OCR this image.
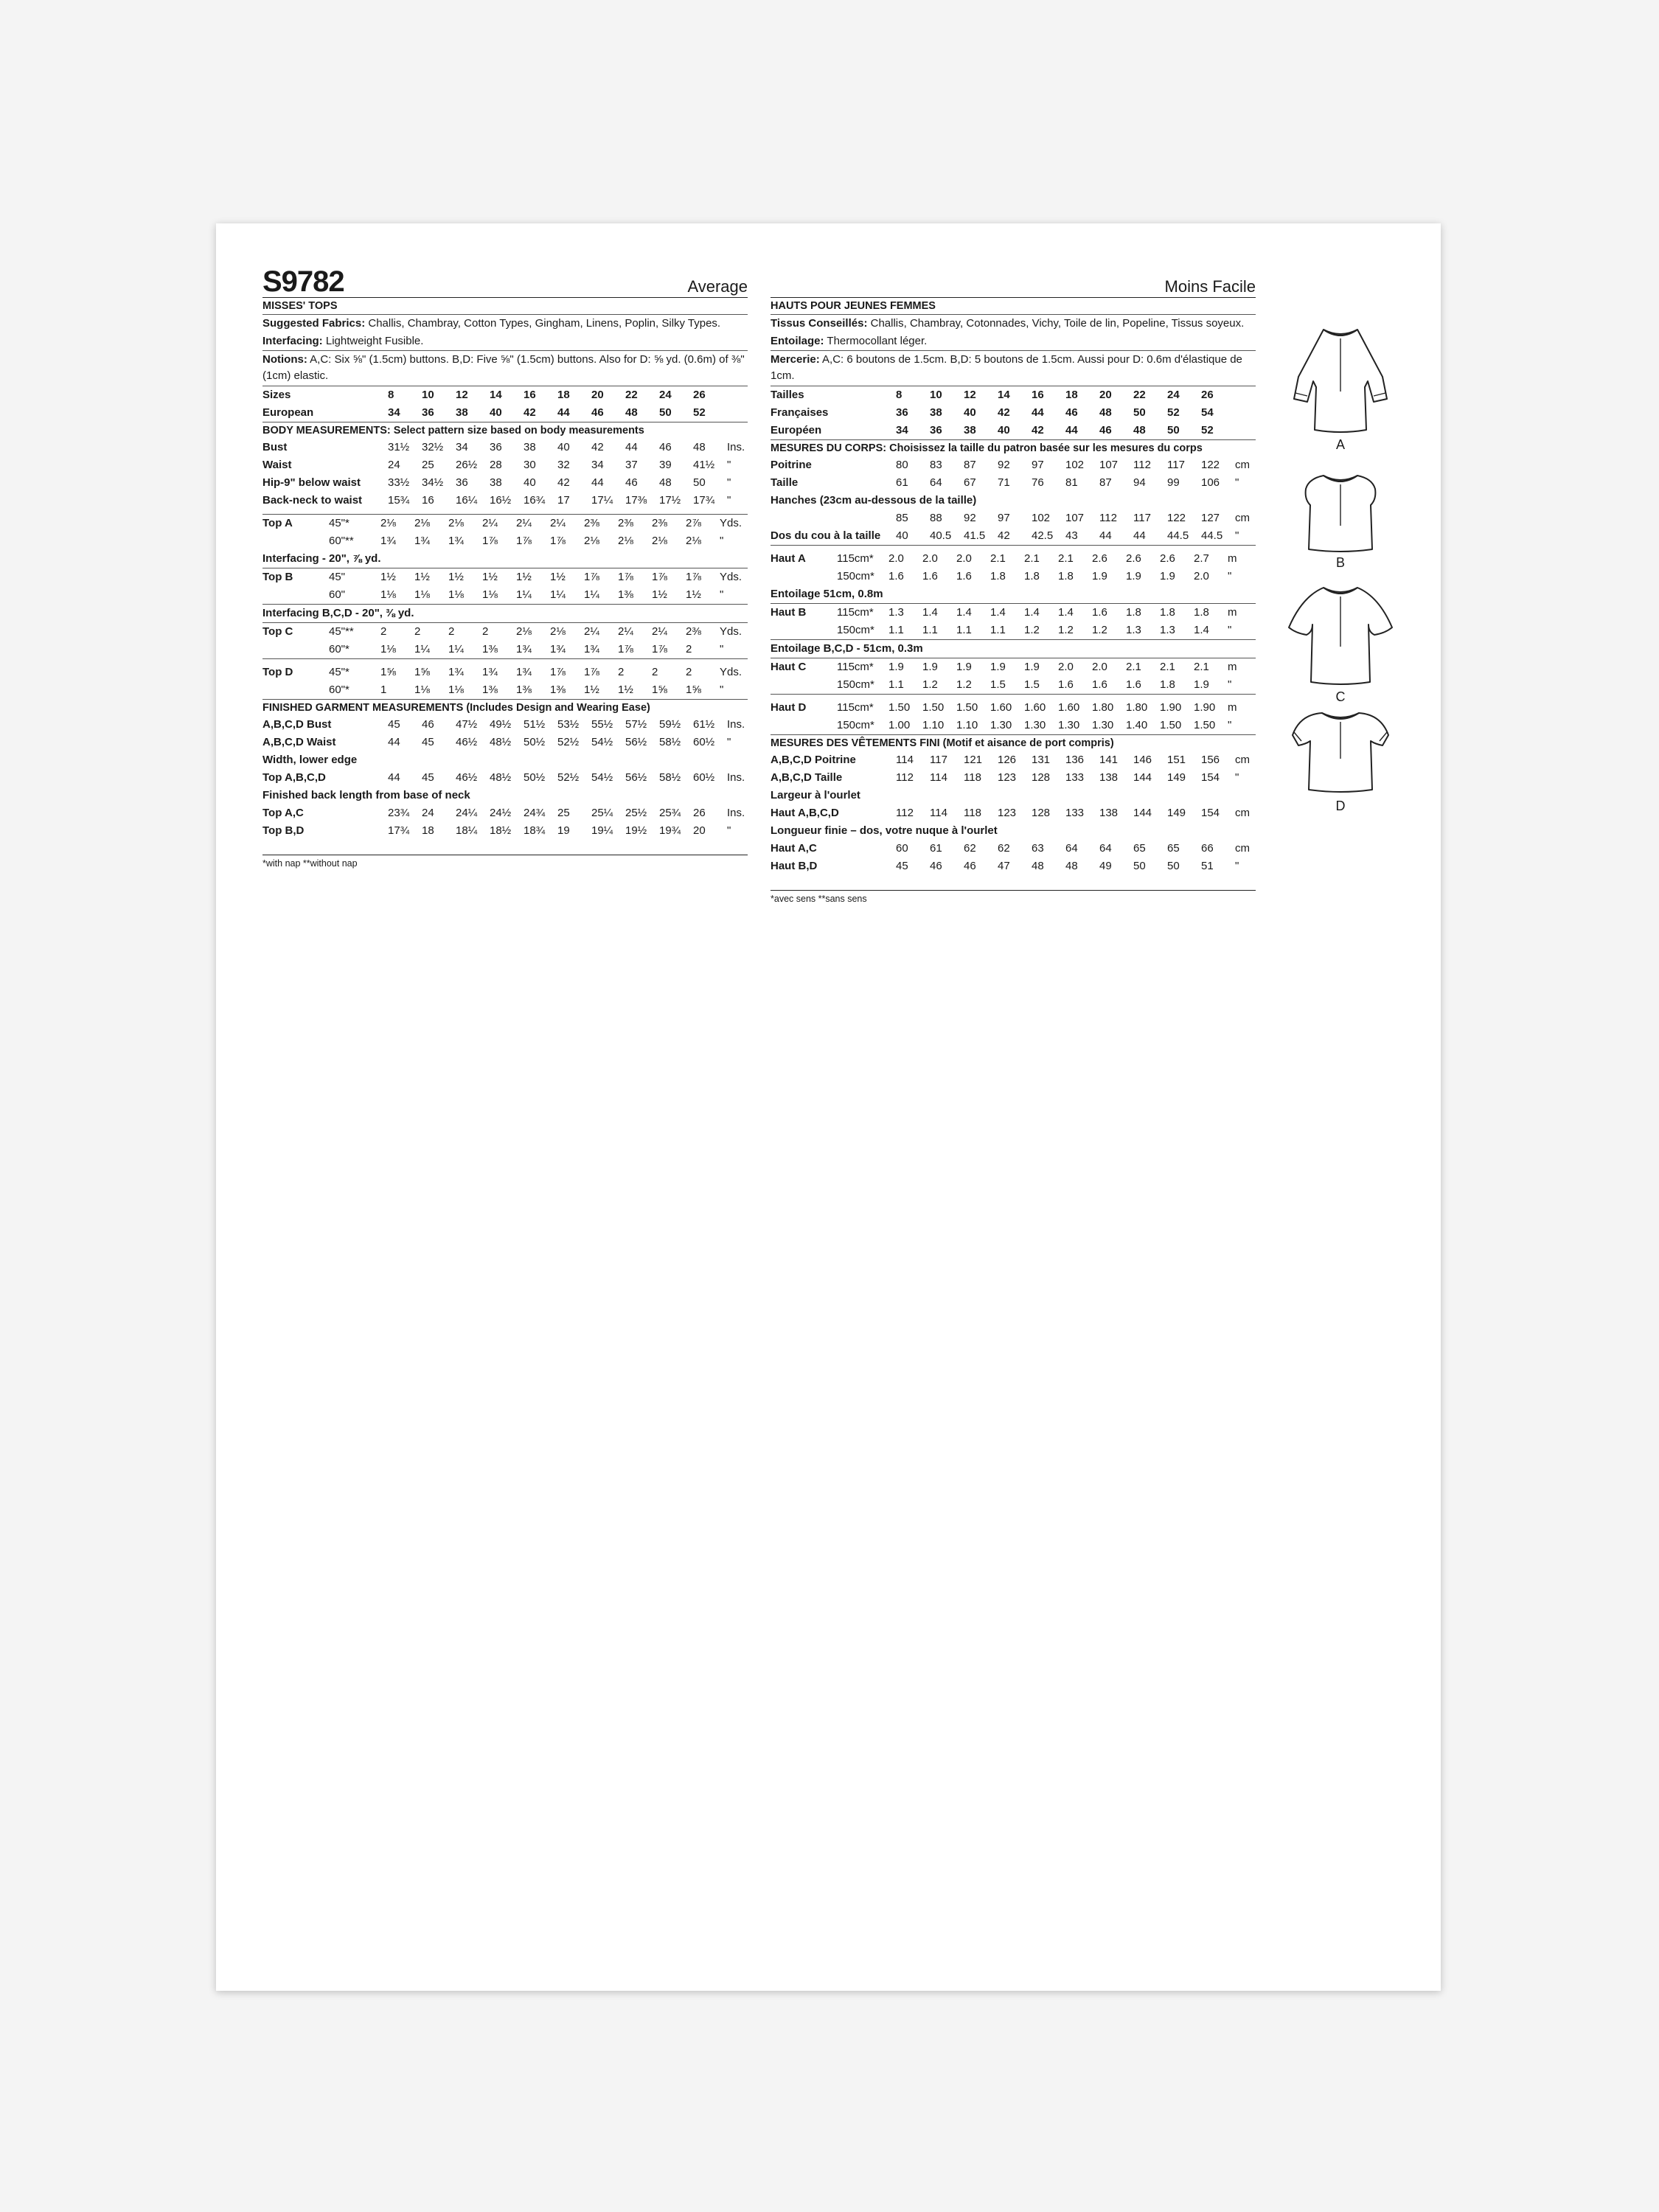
S9782	Average
MISSES' TOPS
Suggested Fabrics: Challis, Chambray, Cotton Types, Gingham, Linens, Poplin, Silky Types.
Interfacing: Lightweight Fusible.
Notions: A,C: Six ⅝" (1.5cm) buttons. B,D: Five ⅝" (1.5cm) buttons. Also for D: ⅝ yd. (0.6m) of ⅜" (1cm) elastic.
Sizes	8	10	12	14	16	18	20	22	24	26
European	34	36	38	40	42	44	46	48	50	52
BODY MEASUREMENTS: Select pattern size based on body measurements
Bust	31½	32½	34	36	38	40	42	44	46	48	Ins.
Waist	24	25	26½	28	30	32	34	37	39	41½	"
Hip-9" below waist	33½	34½	36	38	40	42	44	46	48	50	"
Back-neck to waist	15¾	16	16¼	16½	16¾	17	17¼	17⅜	17½	17¾	"
Top A	45"*	2⅛	2⅛	2⅛	2¼	2¼	2¼	2⅜	2⅜	2⅜	2⅞	Yds.
60"**	1¾	1¾	1¾	1⅞	1⅞	1⅞	2⅛	2⅛	2⅛	2⅛	"
Interfacing - 20", ⅞ yd.
Top B	45"	1½	1½	1½	1½	1½	1½	1⅞	1⅞	1⅞	1⅞	Yds.
60"	1⅛	1⅛	1⅛	1⅛	1¼	1¼	1¼	1⅜	1½	1½	"
Interfacing B,C,D - 20", ⅜ yd.
Top C	45"**	2	2	2	2	2⅛	2⅛	2¼	2¼	2¼	2⅜	Yds.
60"*	1⅛	1¼	1¼	1⅜	1¾	1¾	1¾	1⅞	1⅞	2	"
Top D	45"*	1⅝	1⅝	1¾	1¾	1¾	1⅞	1⅞	2	2	2	Yds.
60"*	1	1⅛	1⅛	1⅜	1⅜	1⅜	1½	1½	1⅝	1⅝	"
FINISHED GARMENT MEASUREMENTS (Includes Design and Wearing Ease)
A,B,C,D Bust	45	46	47½	49½	51½	53½	55½	57½	59½	61½	Ins.
A,B,C,D Waist	44	45	46½	48½	50½	52½	54½	56½	58½	60½	"
Width, lower edge
Top A,B,C,D	44	45	46½	48½	50½	52½	54½	56½	58½	60½	Ins.
Finished back length from base of neck
Top A,C	23¾	24	24¼	24½	24¾	25	25¼	25½	25¾	26	Ins.
Top B,D	17¾	18	18¼	18½	18¾	19	19¼	19½	19¾	20	"
*with nap **without nap
Moins Facile
HAUTS POUR JEUNES FEMMES
Tissus Conseillés: Challis, Chambray, Cotonnades, Vichy, Toile de lin, Popeline, Tissus soyeux.
Entoilage: Thermocollant léger.
Mercerie: A,C: 6 boutons de 1.5cm. B,D: 5 boutons de 1.5cm. Aussi pour D: 0.6m d'élastique de 1cm.
Tailles	8	10	12	14	16	18	20	22	24	26
Françaises	36	38	40	42	44	46	48	50	52	54
Européen	34	36	38	40	42	44	46	48	50	52
MESURES DU CORPS: Choisissez la taille du patron basée sur les mesures du corps
Poitrine	80	83	87	92	97	102	107	112	117	122	cm
Taille	61	64	67	71	76	81	87	94	99	106	"
Hanches (23cm au-dessous de la taille)
85	88	92	97	102	107	112	117	122	127	cm
Dos du cou à la taille	40	40.5	41.5	42	42.5	43	44	44	44.5	44.5	"
Haut A	115cm*	2.0	2.0	2.0	2.1	2.1	2.1	2.6	2.6	2.6	2.7	m
150cm*	1.6	1.6	1.6	1.8	1.8	1.8	1.9	1.9	1.9	2.0	"
Entoilage 51cm, 0.8m
Haut B	115cm*	1.3	1.4	1.4	1.4	1.4	1.4	1.6	1.8	1.8	1.8	m
150cm*	1.1	1.1	1.1	1.1	1.2	1.2	1.2	1.3	1.3	1.4	"
Entoilage B,C,D - 51cm, 0.3m
Haut C	115cm*	1.9	1.9	1.9	1.9	1.9	2.0	2.0	2.1	2.1	2.1	m
150cm*	1.1	1.2	1.2	1.5	1.5	1.6	1.6	1.6	1.8	1.9	"
Haut D	115cm*	1.50	1.50	1.50	1.60	1.60	1.60	1.80	1.80	1.90	1.90	m
150cm*	1.00	1.10	1.10	1.30	1.30	1.30	1.30	1.40	1.50	1.50	"
MESURES DES VÊTEMENTS FINI (Motif et aisance de port compris)
A,B,C,D Poitrine	114	117	121	126	131	136	141	146	151	156	cm
A,B,C,D Taille	112	114	118	123	128	133	138	144	149	154	"
Largeur à l'ourlet
Haut A,B,C,D	112	114	118	123	128	133	138	144	149	154	cm
Longueur finie – dos, votre nuque à l'ourlet
Haut A,C	60	61	62	62	63	64	64	65	65	66	cm
Haut B,D	45	46	46	47	48	48	49	50	50	51	"
*avec sens **sans sens
A
B
C
D
